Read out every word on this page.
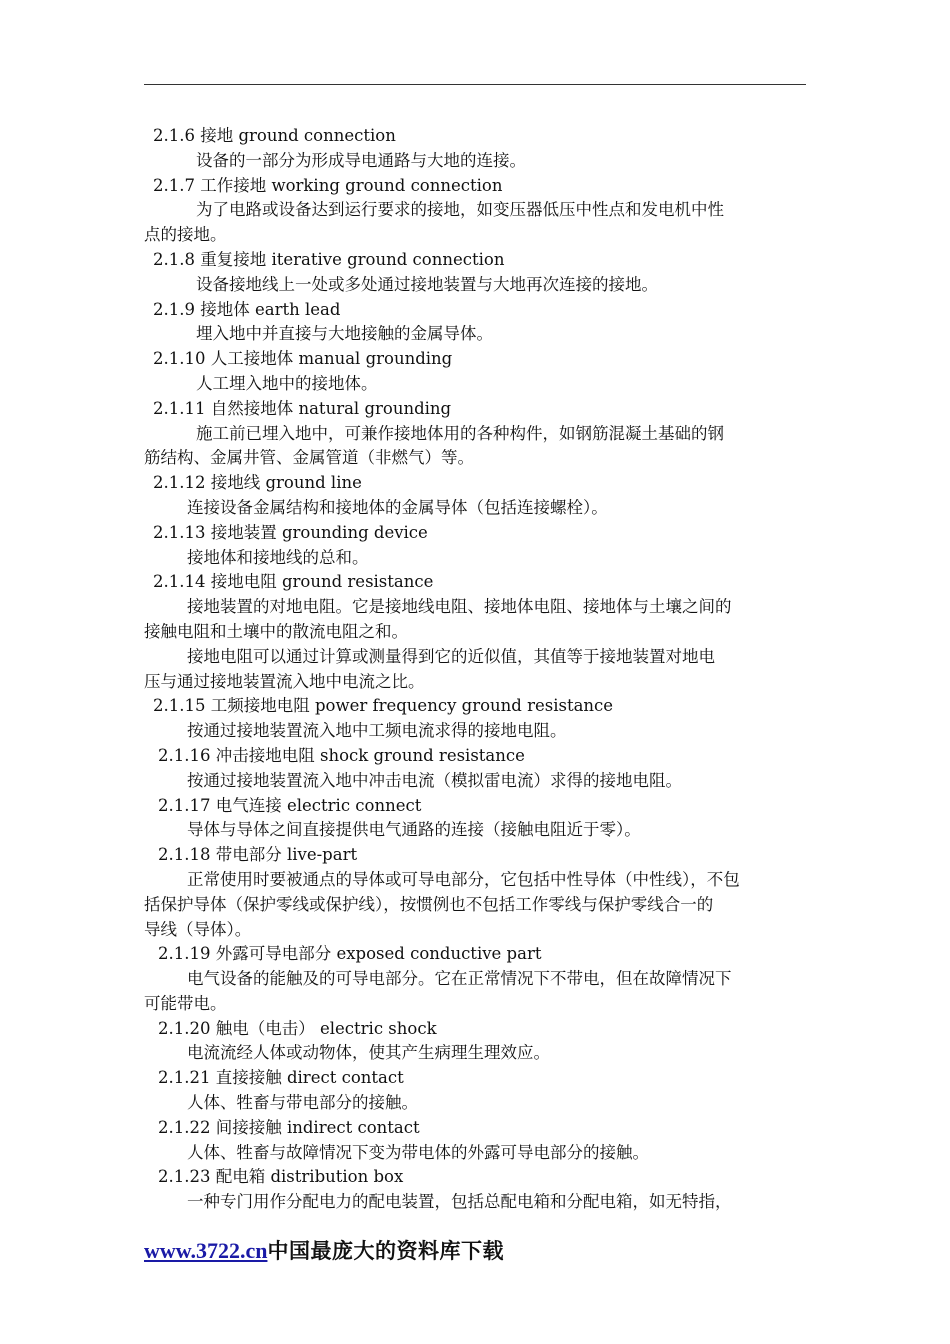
2.1.6 接地 ground connection
设备的一部分为形成导电通路与大地的连接。
2.1.7 工作接地 working ground connection
为了电路或设备达到运行要求的接地，如变压器低压中性点和发电机中性
点的接地。
2.1.8 重复接地 iterative ground connection
设备接地线上一处或多处通过接地装置与大地再次连接的接地。
2.1.9 接地体 earth lead
埋入地中并直接与大地接触的金属导体。
2.1.10 人工接地体 manual grounding
人工埋入地中的接地体。
2.1.11 自然接地体 natural grounding
施工前已埋入地中，可兼作接地体用的各种构件，如钢筋混凝土基础的钢
筋结构、金属井管、金属管道（非燃气）等。
2.1.12 接地线 ground line
连接设备金属结构和接地体的金属导体（包括连接螺栓）。
2.1.13 接地装置 grounding device
接地体和接地线的总和。
2.1.14 接地电阻 ground resistance
接地装置的对地电阻。它是接地线电阻、接地体电阻、接地体与土壤之间的
接触电阻和土壤中的散流电阻之和。
接地电阻可以通过计算或测量得到它的近似值，其值等于接地装置对地电
压与通过接地装置流入地中电流之比。
2.1.15 工频接地电阻 power frequency ground resistance
按通过接地装置流入地中工频电流求得的接地电阻。
2.1.16 冲击接地电阻 shock ground resistance
按通过接地装置流入地中冲击电流（模拟雷电流）求得的接地电阻。
2.1.17 电气连接 electric connect
导体与导体之间直接提供电气通路的连接（接触电阻近于零）。
2.1.18 带电部分 live-part
正常使用时要被通点的导体或可导电部分，它包括中性导体（中性线），不包
括保护导体（保护零线或保护线），按惯例也不包括工作零线与保护零线合一的
导线（导体）。
2.1.19 外露可导电部分 exposed conductive part
电气设备的能触及的可导电部分。它在正常情况下不带电，但在故障情况下
可能带电。
2.1.20 触电（电击） electric shock
电流流经人体或动物体，使其产生病理生理效应。
2.1.21 直接接触 direct contact
人体、牲畜与带电部分的接触。
2.1.22 间接接触 indirect contact
人体、牲畜与故障情况下变为带电体的外露可导电部分的接触。
2.1.23 配电箱 distribution box
一种专门用作分配电力的配电装置，包括总配电箱和分配电箱，如无特指，
www.3722.cn中国最庞大的资料库下载
